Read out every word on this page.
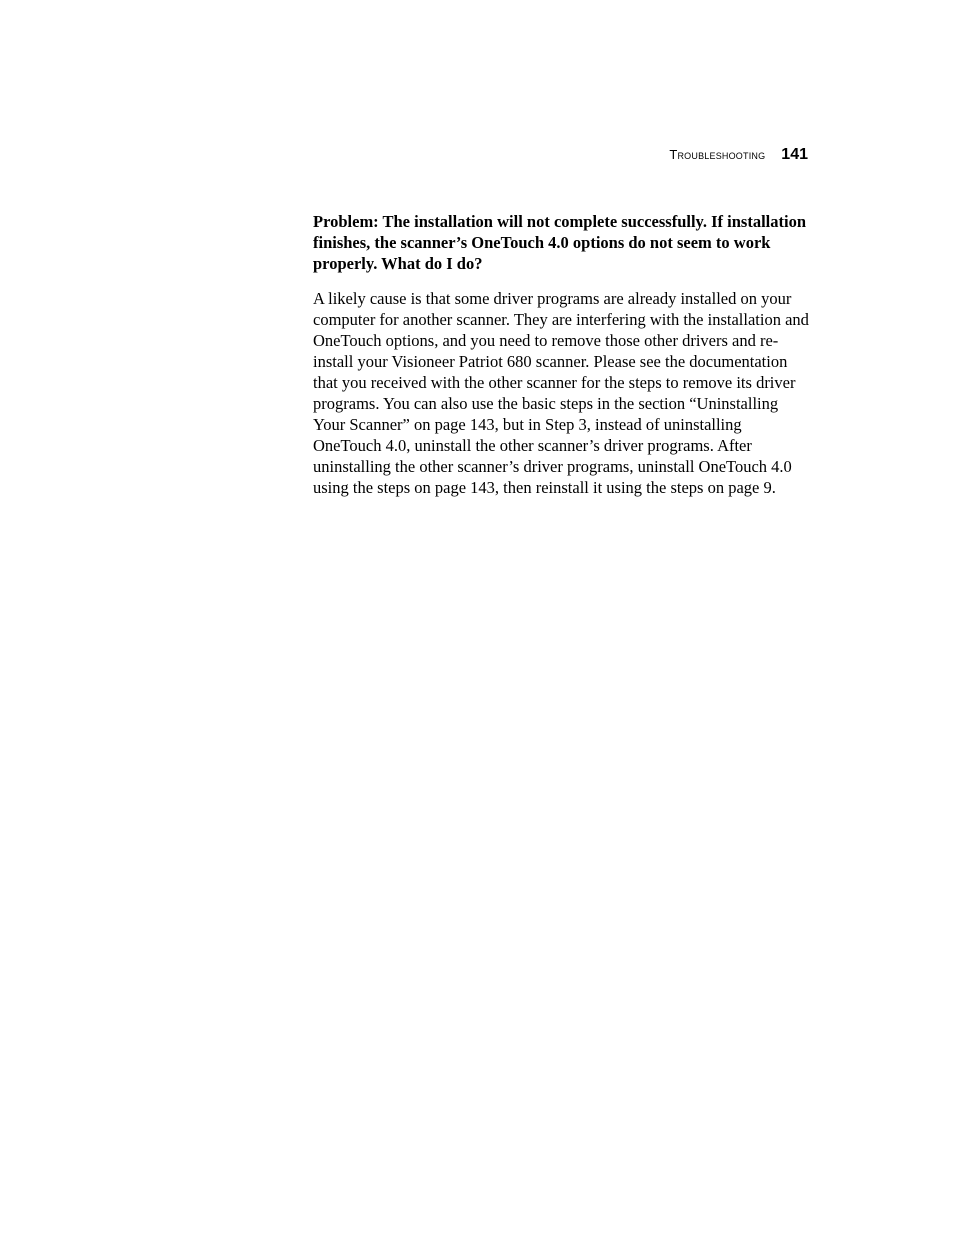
Troubleshooting 141

Problem: The installation will not complete successfully. If installation finishes, the scanner’s OneTouch 4.0 options do not seem to work properly. What do I do?

A likely cause is that some driver programs are already installed on your computer for another scanner. They are interfering with the installation and OneTouch options, and you need to remove those other drivers and re-install your Visioneer Patriot 680 scanner. Please see the documentation that you received with the other scanner for the steps to remove its driver programs. You can also use the basic steps in the section “Uninstalling Your Scanner” on page 143, but in Step 3, instead of uninstalling OneTouch 4.0, uninstall the other scanner’s driver programs. After uninstalling the other scanner’s driver programs, uninstall OneTouch 4.0 using the steps on page 143, then reinstall it using the steps on page 9.
